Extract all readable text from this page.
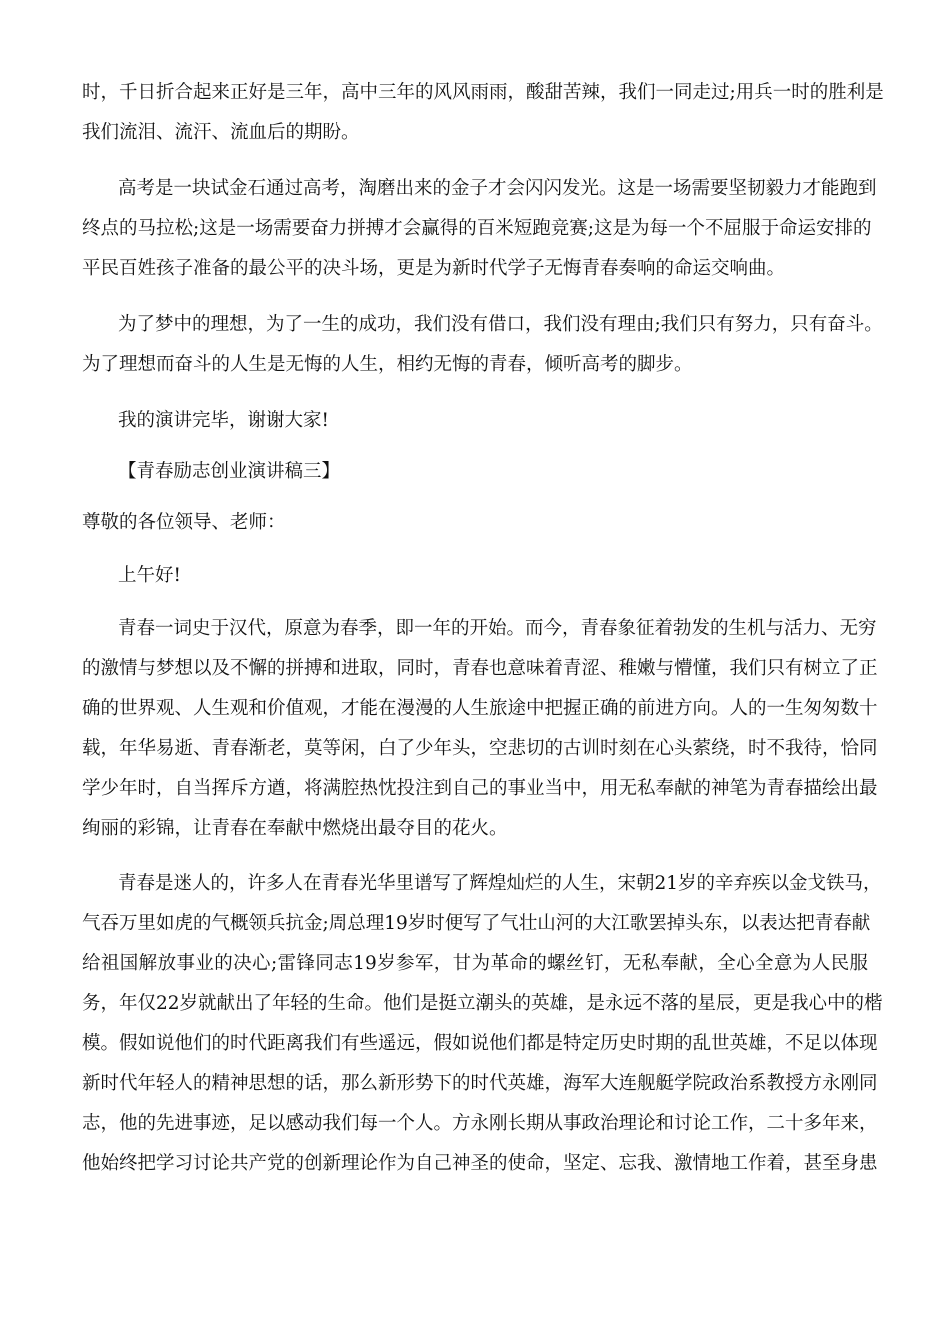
时，千日折合起来正好是三年，高中三年的风风雨雨，酸甜苦辣，我们一同走过;用兵一时的胜利是
我们流泪、流汗、流血后的期盼。
高考是一块试金石通过高考，淘磨出来的金子才会闪闪发光。这是一场需要坚韧毅力才能跑到
终点的马拉松;这是一场需要奋力拼搏才会赢得的百米短跑竞赛;这是为每一个不屈服于命运安排的
平民百姓孩子准备的最公平的决斗场，更是为新时代学子无悔青春奏响的命运交响曲。
为了梦中的理想，为了一生的成功，我们没有借口，我们没有理由;我们只有努力，只有奋斗。
为了理想而奋斗的人生是无悔的人生，相约无悔的青春，倾听高考的脚步。
我的演讲完毕，谢谢大家!
【青春励志创业演讲稿三】
尊敬的各位领导、老师：
上午好!
青春一词史于汉代，原意为春季，即一年的开始。而今，青春象征着勃发的生机与活力、无穷
的激情与梦想以及不懈的拼搏和进取，同时，青春也意味着青涩、稚嫩与懵懂，我们只有树立了正
确的世界观、人生观和价值观，才能在漫漫的人生旅途中把握正确的前进方向。人的一生匆匆数十
载，年华易逝、青春渐老，莫等闲，白了少年头，空悲切的古训时刻在心头萦绕，时不我待，恰同
学少年时，自当挥斥方遒，将满腔热忱投注到自己的事业当中，用无私奉献的神笔为青春描绘出最
绚丽的彩锦，让青春在奉献中燃烧出最夺目的花火。
青春是迷人的，许多人在青春光华里谱写了辉煌灿烂的人生，宋朝21岁的辛弃疾以金戈铁马，
气吞万里如虎的气概领兵抗金;周总理19岁时便写了气壮山河的大江歌罢掉头东，以表达把青春献
给祖国解放事业的决心;雷锋同志19岁参军，甘为革命的螺丝钉，无私奉献，全心全意为人民服
务，年仅22岁就献出了年轻的生命。他们是挺立潮头的英雄，是永远不落的星辰，更是我心中的楷
模。假如说他们的时代距离我们有些遥远，假如说他们都是特定历史时期的乱世英雄，不足以体现
新时代年轻人的精神思想的话，那么新形势下的时代英雄，海军大连舰艇学院政治系教授方永刚同
志，他的先进事迹，足以感动我们每一个人。方永刚长期从事政治理论和讨论工作，二十多年来，
他始终把学习讨论共产党的创新理论作为自己神圣的使命，坚定、忘我、激情地工作着，甚至身患
